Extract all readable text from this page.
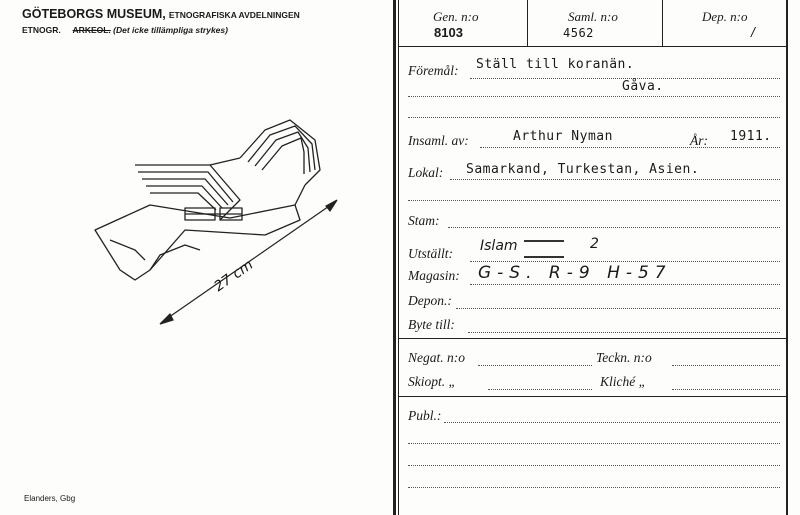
GÖTEBORGS MUSEUM, ETNOGRAFISKA AVDELNINGEN
ETNOGR. ARKEOL. (Det icke tillämpliga strykes)
27 cm
Elanders, Gbg
Gen. n:o
8103
Saml. n:o
4562
Dep. n:o
/
Föremål: Ställ till koranän.
Gåva.
Insaml. av:	Arthur Nyman	År: 1911.
Lokal: Samarkand, Turkestan, Asien.
Stam:
Utställt: Islam	2
Magasin: G-S. R-9 H-57
Depon.:
Byte till:
Negat. n:o	Teckn. n:o
Skiopt. „	Kliché „
Publ.:
